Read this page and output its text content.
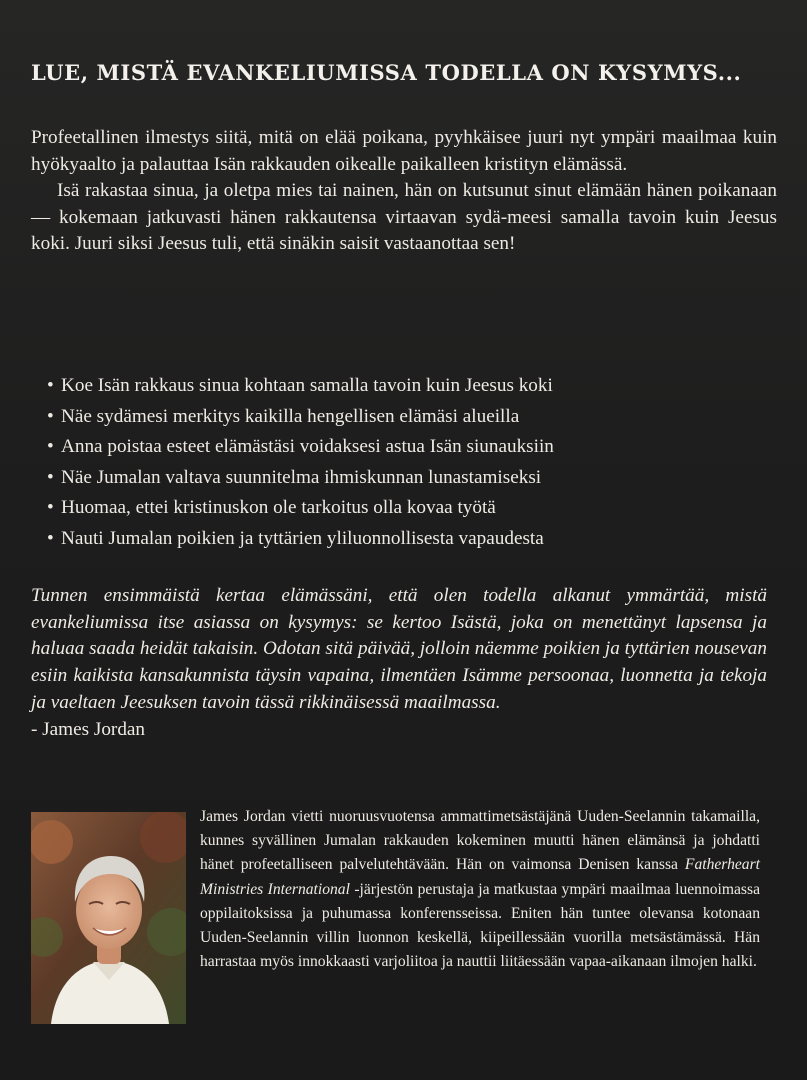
LUE, MISTÄ EVANKELIUMISSA TODELLA ON KYSYMYS...

Profeetallinen ilmestys siitä, mitä on elää poikana, pyyhkäisee juuri nyt ympäri maailmaa kuin hyökyaalto ja palauttaa Isän rakkauden oikealle paikalleen kristityn elämässä.

Isä rakastaa sinua, ja oletpa mies tai nainen, hän on kutsunut sinut elämään hänen poikanaan — kokemaan jatkuvasti hänen rakkautensa virtaavan sydä-meesi samalla tavoin kuin Jeesus koki. Juuri siksi Jeesus tuli, että sinäkin saisit vastaanottaa sen!

• Koe Isän rakkaus sinua kohtaan samalla tavoin kuin Jeesus koki
• Näe sydämesi merkitys kaikilla hengellisen elämäsi alueilla
• Anna poistaa esteet elämästäsi voidaksesi astua Isän siunauksiin
• Näe Jumalan valtava suunnitelma ihmiskunnan lunastamiseksi
• Huomaa, ettei kristinuskon ole tarkoitus olla kovaa työtä
• Nauti Jumalan poikien ja tyttärien yliluonnollisesta vapaudesta

Tunnen ensimmäistä kertaa elämässäni, että olen todella alkanut ymmärtää, mistä evankeliumissa itse asiassa on kysymys: se kertoo Isästä, joka on menettänyt lapsensa ja haluaa saada heidät takaisin. Odotan sitä päivää, jolloin näemme poikien ja tyttärien nousevan esiin kaikista kansakunnista täysin vapaina, ilmentäen Isämme persoonaa, luonnetta ja tekoja ja vaeltaen Jeesuksen tavoin tässä rikkinäisessä maailmassa.
- James Jordan

James Jordan vietti nuoruusvuotensa ammattimetsästäjänä Uuden-Seelannin takamailla, kunnes syvällinen Jumalan rakkauden kokeminen muutti hänen elämänsä ja johdatti hänet profeetalliseen palvelutehtävään. Hän on vaimonsa Denisen kanssa Fatherheart Ministries International -järjestön perustaja ja matkustaa ympäri maailmaa luennoimassa oppilaitoksissa ja puhumassa konferensseissa. Eniten hän tuntee olevansa kotonaan Uuden-Seelannin villin luonnon keskellä, kiipeillessään vuorilla metsästämässä. Hän harrastaa myös innokkaasti varjoliitoa ja nauttii liitäessään vapaa-aikanaan ilmojen halki.
